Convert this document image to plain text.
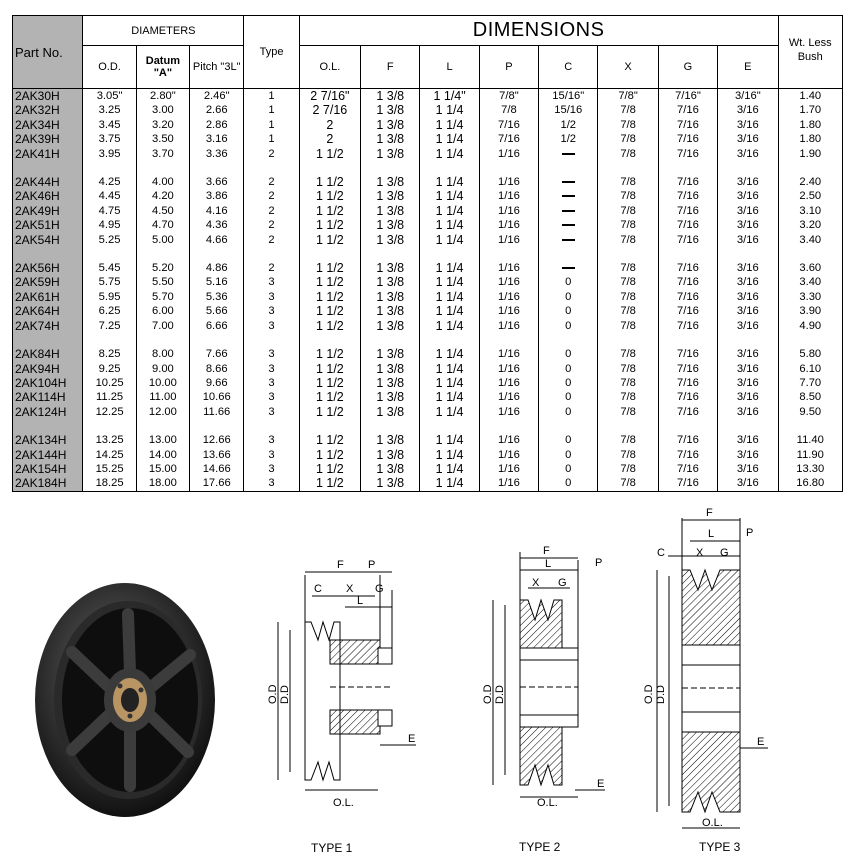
Part No.	DIAMETERS			Type	DIMENSIONS								Wt. Less
Bush
	O.D.	Datum
"A"	Pitch "3L"		O.L.	F	L	P	C	X	G	E	
2AK30H	3.05"	2.80"	2.46"	1	2 7/16"	1 3/8	1 1/4"	7/8"	15/16"	7/8"	7/16"	3/16"	1.40
2AK32H	3.25	3.00	2.66	1	2 7/16	1 3/8	1 1/4	7/8	15/16	7/8	7/16	3/16	1.70
2AK34H	3.45	3.20	2.86	1	2	1 3/8	1 1/4	7/16	1/2	7/8	7/16	3/16	1.80
2AK39H	3.75	3.50	3.16	1	2	1 3/8	1 1/4	7/16	1/2	7/8	7/16	3/16	1.80
2AK41H	3.95	3.70	3.36	2	1 1/2	1 3/8	1 1/4	1/16		7/8	7/16	3/16	1.90

2AK44H	4.25	4.00	3.66	2	1 1/2	1 3/8	1 1/4	1/16		7/8	7/16	3/16	2.40
2AK46H	4.45	4.20	3.86	2	1 1/2	1 3/8	1 1/4	1/16		7/8	7/16	3/16	2.50
2AK49H	4.75	4.50	4.16	2	1 1/2	1 3/8	1 1/4	1/16		7/8	7/16	3/16	3.10
2AK51H	4.95	4.70	4.36	2	1 1/2	1 3/8	1 1/4	1/16		7/8	7/16	3/16	3.20
2AK54H	5.25	5.00	4.66	2	1 1/2	1 3/8	1 1/4	1/16		7/8	7/16	3/16	3.40

2AK56H	5.45	5.20	4.86	2	1 1/2	1 3/8	1 1/4	1/16		7/8	7/16	3/16	3.60
2AK59H	5.75	5.50	5.16	3	1 1/2	1 3/8	1 1/4	1/16	0	7/8	7/16	3/16	3.40
2AK61H	5.95	5.70	5.36	3	1 1/2	1 3/8	1 1/4	1/16	0	7/8	7/16	3/16	3.30
2AK64H	6.25	6.00	5.66	3	1 1/2	1 3/8	1 1/4	1/16	0	7/8	7/16	3/16	3.90
2AK74H	7.25	7.00	6.66	3	1 1/2	1 3/8	1 1/4	1/16	0	7/8	7/16	3/16	4.90

2AK84H	8.25	8.00	7.66	3	1 1/2	1 3/8	1 1/4	1/16	0	7/8	7/16	3/16	5.80
2AK94H	9.25	9.00	8.66	3	1 1/2	1 3/8	1 1/4	1/16	0	7/8	7/16	3/16	6.10
2AK104H	10.25	10.00	9.66	3	1 1/2	1 3/8	1 1/4	1/16	0	7/8	7/16	3/16	7.70
2AK114H	11.25	11.00	10.66	3	1 1/2	1 3/8	1 1/4	1/16	0	7/8	7/16	3/16	8.50
2AK124H	12.25	12.00	11.66	3	1 1/2	1 3/8	1 1/4	1/16	0	7/8	7/16	3/16	9.50

2AK134H	13.25	13.00	12.66	3	1 1/2	1 3/8	1 1/4	1/16	0	7/8	7/16	3/16	11.40
2AK144H	14.25	14.00	13.66	3	1 1/2	1 3/8	1 1/4	1/16	0	7/8	7/16	3/16	11.90
2AK154H	15.25	15.00	14.66	3	1 1/2	1 3/8	1 1/4	1/16	0	7/8	7/16	3/16	13.30
2AK184H	18.25	18.00	17.66	3	1 1/2	1 3/8	1 1/4	1/16	0	7/8	7/16	3/16	16.80
F P
C X G
L
O.D D.D
E
O.L.
F
P
L
X G
O.D D.D
E
O.L.
F
P
L
C	X G
O.D D.D
E
O.L.
TYPE 1	TYPE 2	TYPE 3
